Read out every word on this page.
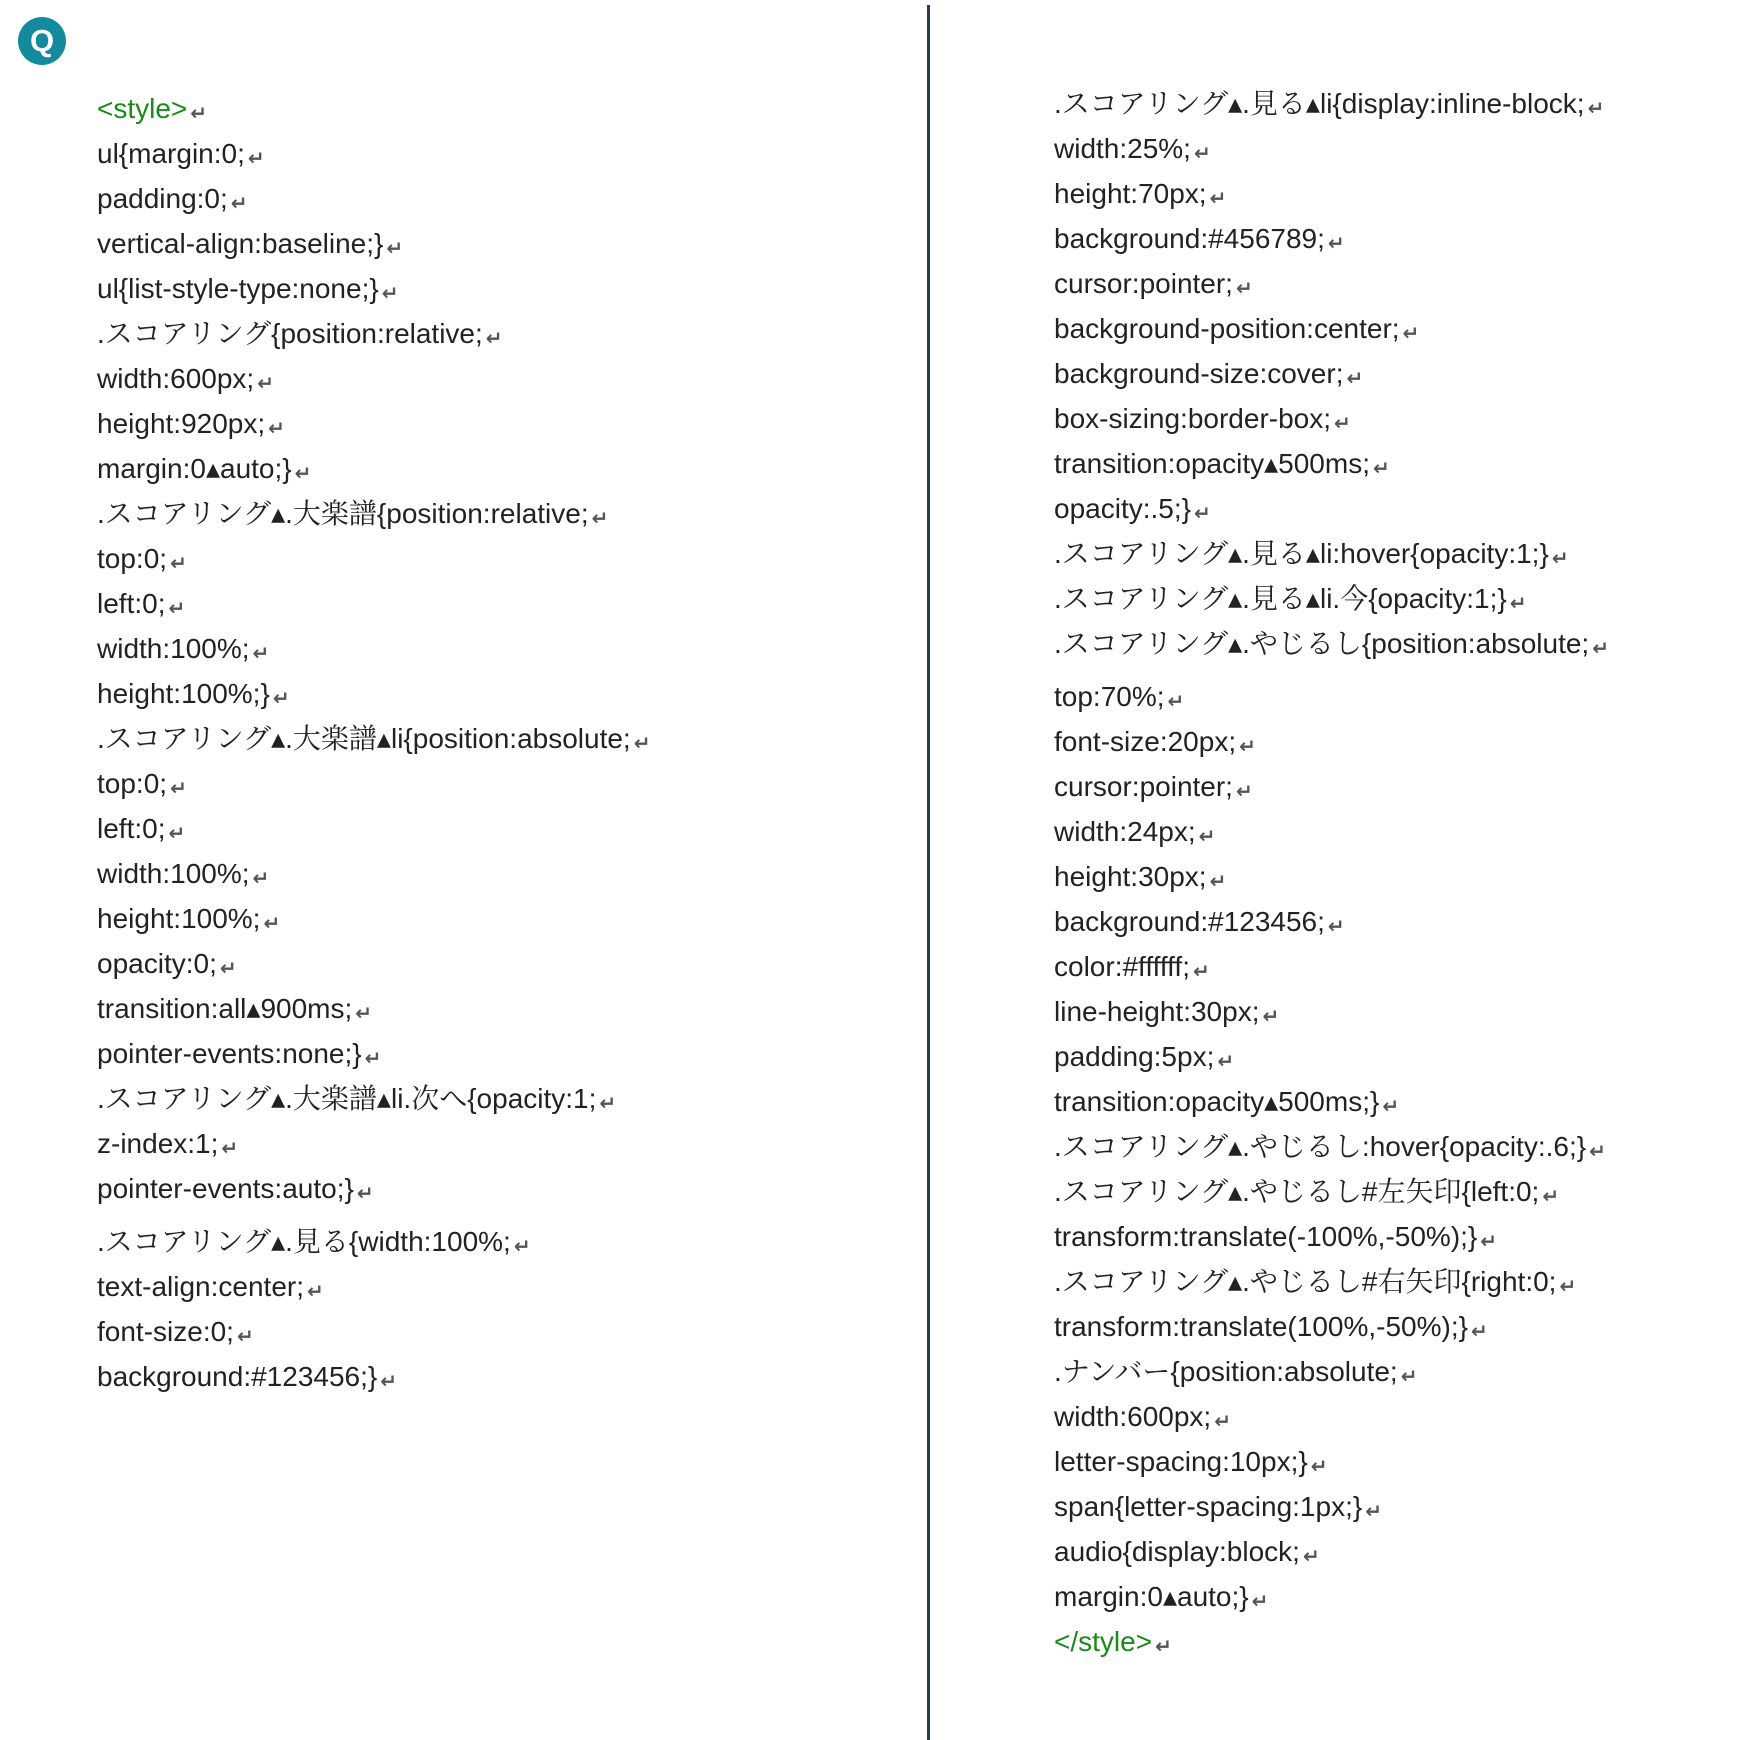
Q
<style> ↵
ul{margin:0; ↵
padding:0; ↵
vertical-align:baseline;} ↵
ul{list-style-type:none;} ↵
.スコアリング{position:relative; ↵
width:600px; ↵
height:920px; ↵
margin:0▴auto;} ↵
.スコアリング▴.大楽譜{position:relative; ↵
top:0; ↵
left:0; ↵
width:100%; ↵
height:100%;} ↵
.スコアリング▴.大楽譜▴li{position:absolute; ↵
top:0; ↵
left:0; ↵
width:100%; ↵
height:100%; ↵
opacity:0; ↵
transition:all▴900ms; ↵
pointer-events:none;} ↵
.スコアリング▴.大楽譜▴li.次へ{opacity:1; ↵
z-index:1; ↵
pointer-events:auto;} ↵
.スコアリング▴.見る{width:100%; ↵
text-align:center; ↵
font-size:0; ↵
background:#123456;} ↵
.スコアリング▴.見る▴li{display:inline-block; ↵
width:25%; ↵
height:70px; ↵
background:#456789; ↵
cursor:pointer; ↵
background-position:center; ↵
background-size:cover; ↵
box-sizing:border-box; ↵
transition:opacity▴500ms; ↵
opacity:.5;} ↵
.スコアリング▴.見る▴li:hover{opacity:1;} ↵
.スコアリング▴.見る▴li.今{opacity:1;} ↵
.スコアリング▴.やじるし{position:absolute; ↵
top:70%; ↵
font-size:20px; ↵
cursor:pointer; ↵
width:24px; ↵
height:30px; ↵
background:#123456; ↵
color:#ffffff; ↵
line-height:30px; ↵
padding:5px; ↵
transition:opacity▴500ms;} ↵
.スコアリング▴.やじるし:hover{opacity:.6;} ↵
.スコアリング▴.やじるし#左矢印{left:0; ↵
transform:translate(-100%,-50%);} ↵
.スコアリング▴.やじるし#右矢印{right:0; ↵
transform:translate(100%,-50%);} ↵
.ナンバー{position:absolute; ↵
width:600px; ↵
letter-spacing:10px;} ↵
span{letter-spacing:1px;} ↵
audio{display:block; ↵
margin:0▴auto;} ↵
</style> ↵
